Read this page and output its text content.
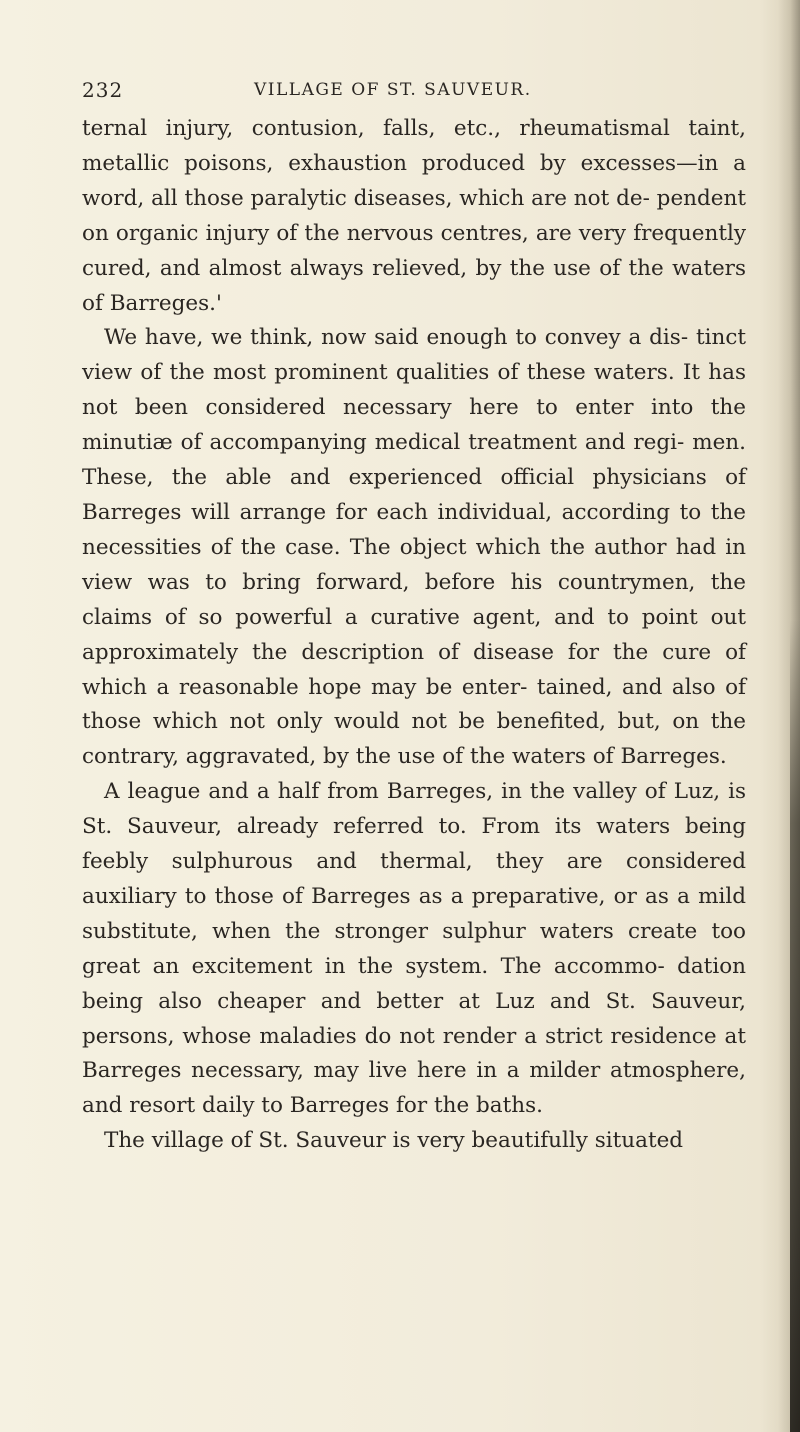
232	VILLAGE OF ST. SAUVEUR.

ternal injury, contusion, falls, etc., rheumatismal taint, metallic poisons, exhaustion produced by excesses—in a word, all those paralytic diseases, which are not de- pendent on organic injury of the nervous centres, are very frequently cured, and almost always relieved, by the use of the waters of Barreges.'

We have, we think, now said enough to convey a dis- tinct view of the most prominent qualities of these waters. It has not been considered necessary here to enter into the minutiæ of accompanying medical treatment and regi- men. These, the able and experienced official physicians of Barreges will arrange for each individual, according to the necessities of the case. The object which the author had in view was to bring forward, before his countrymen, the claims of so powerful a curative agent, and to point out approximately the description of disease for the cure of which a reasonable hope may be enter- tained, and also of those which not only would not be benefited, but, on the contrary, aggravated, by the use of the waters of Barreges.

A league and a half from Barreges, in the valley of Luz, is St. Sauveur, already referred to. From its waters being feebly sulphurous and thermal, they are considered auxiliary to those of Barreges as a preparative, or as a mild substitute, when the stronger sulphur waters create too great an excitement in the system. The accommo- dation being also cheaper and better at Luz and St. Sauveur, persons, whose maladies do not render a strict residence at Barreges necessary, may live here in a milder atmosphere, and resort daily to Barreges for the baths.

The village of St. Sauveur is very beautifully situated
